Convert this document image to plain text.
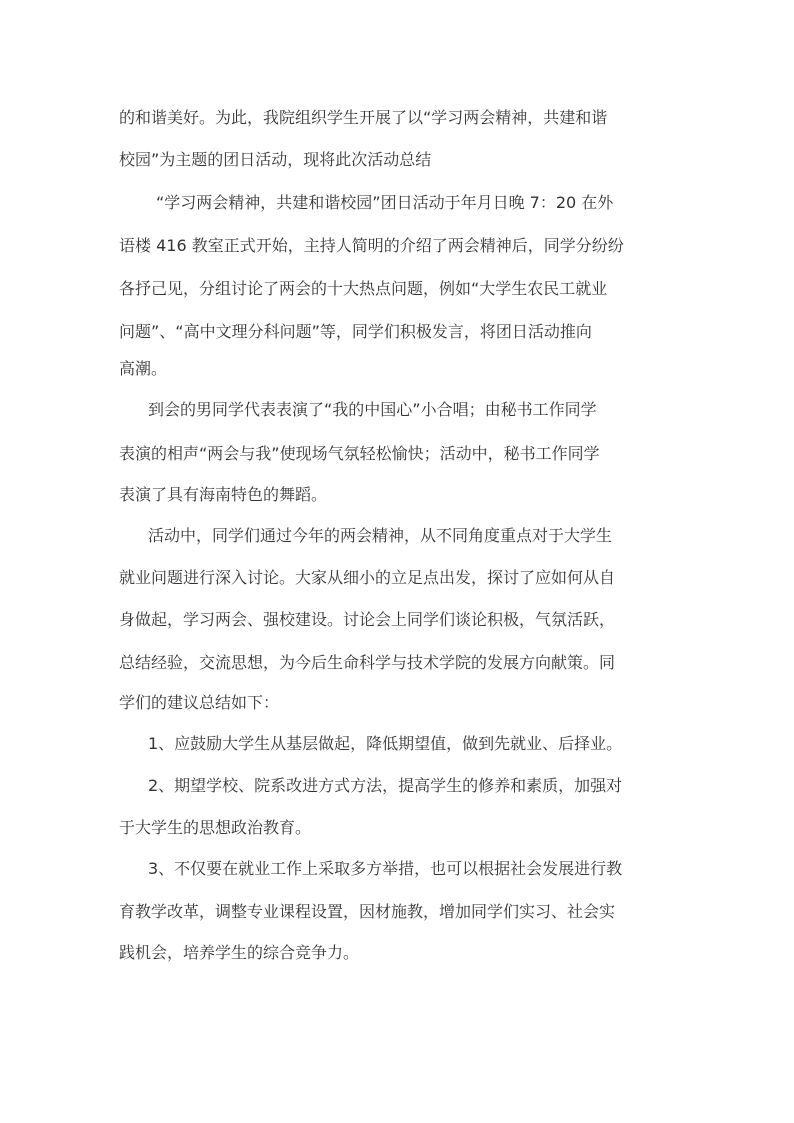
的和谐美好。为此，我院组织学生开展了以“学习两会精神，共建和谐
校园”为主题的团日活动，现将此次活动总结
“学习两会精神，共建和谐校园”团日活动于年月日晚 7：20 在外
语楼 416 教室正式开始，主持人简明的介绍了两会精神后，同学分纷纷
各抒己见，分组讨论了两会的十大热点问题，例如“大学生农民工就业
问题”、“高中文理分科问题”等，同学们积极发言，将团日活动推向
高潮。
到会的男同学代表表演了“我的中国心”小合唱；由秘书工作同学
表演的相声“两会与我”使现场气氛轻松愉快；活动中，秘书工作同学
表演了具有海南特色的舞蹈。
活动中，同学们通过今年的两会精神，从不同角度重点对于大学生
就业问题进行深入讨论。大家从细小的立足点出发，探讨了应如何从自
身做起，学习两会、强校建设。讨论会上同学们谈论积极，气氛活跃，
总结经验，交流思想，为今后生命科学与技术学院的发展方向献策。同
学们的建议总结如下：
1、应鼓励大学生从基层做起，降低期望值，做到先就业、后择业。
2、期望学校、院系改进方式方法，提高学生的修养和素质，加强对
于大学生的思想政治教育。
3、不仅要在就业工作上采取多方举措，也可以根据社会发展进行教
育教学改革，调整专业课程设置，因材施教，增加同学们实习、社会实
践机会，培养学生的综合竞争力。
